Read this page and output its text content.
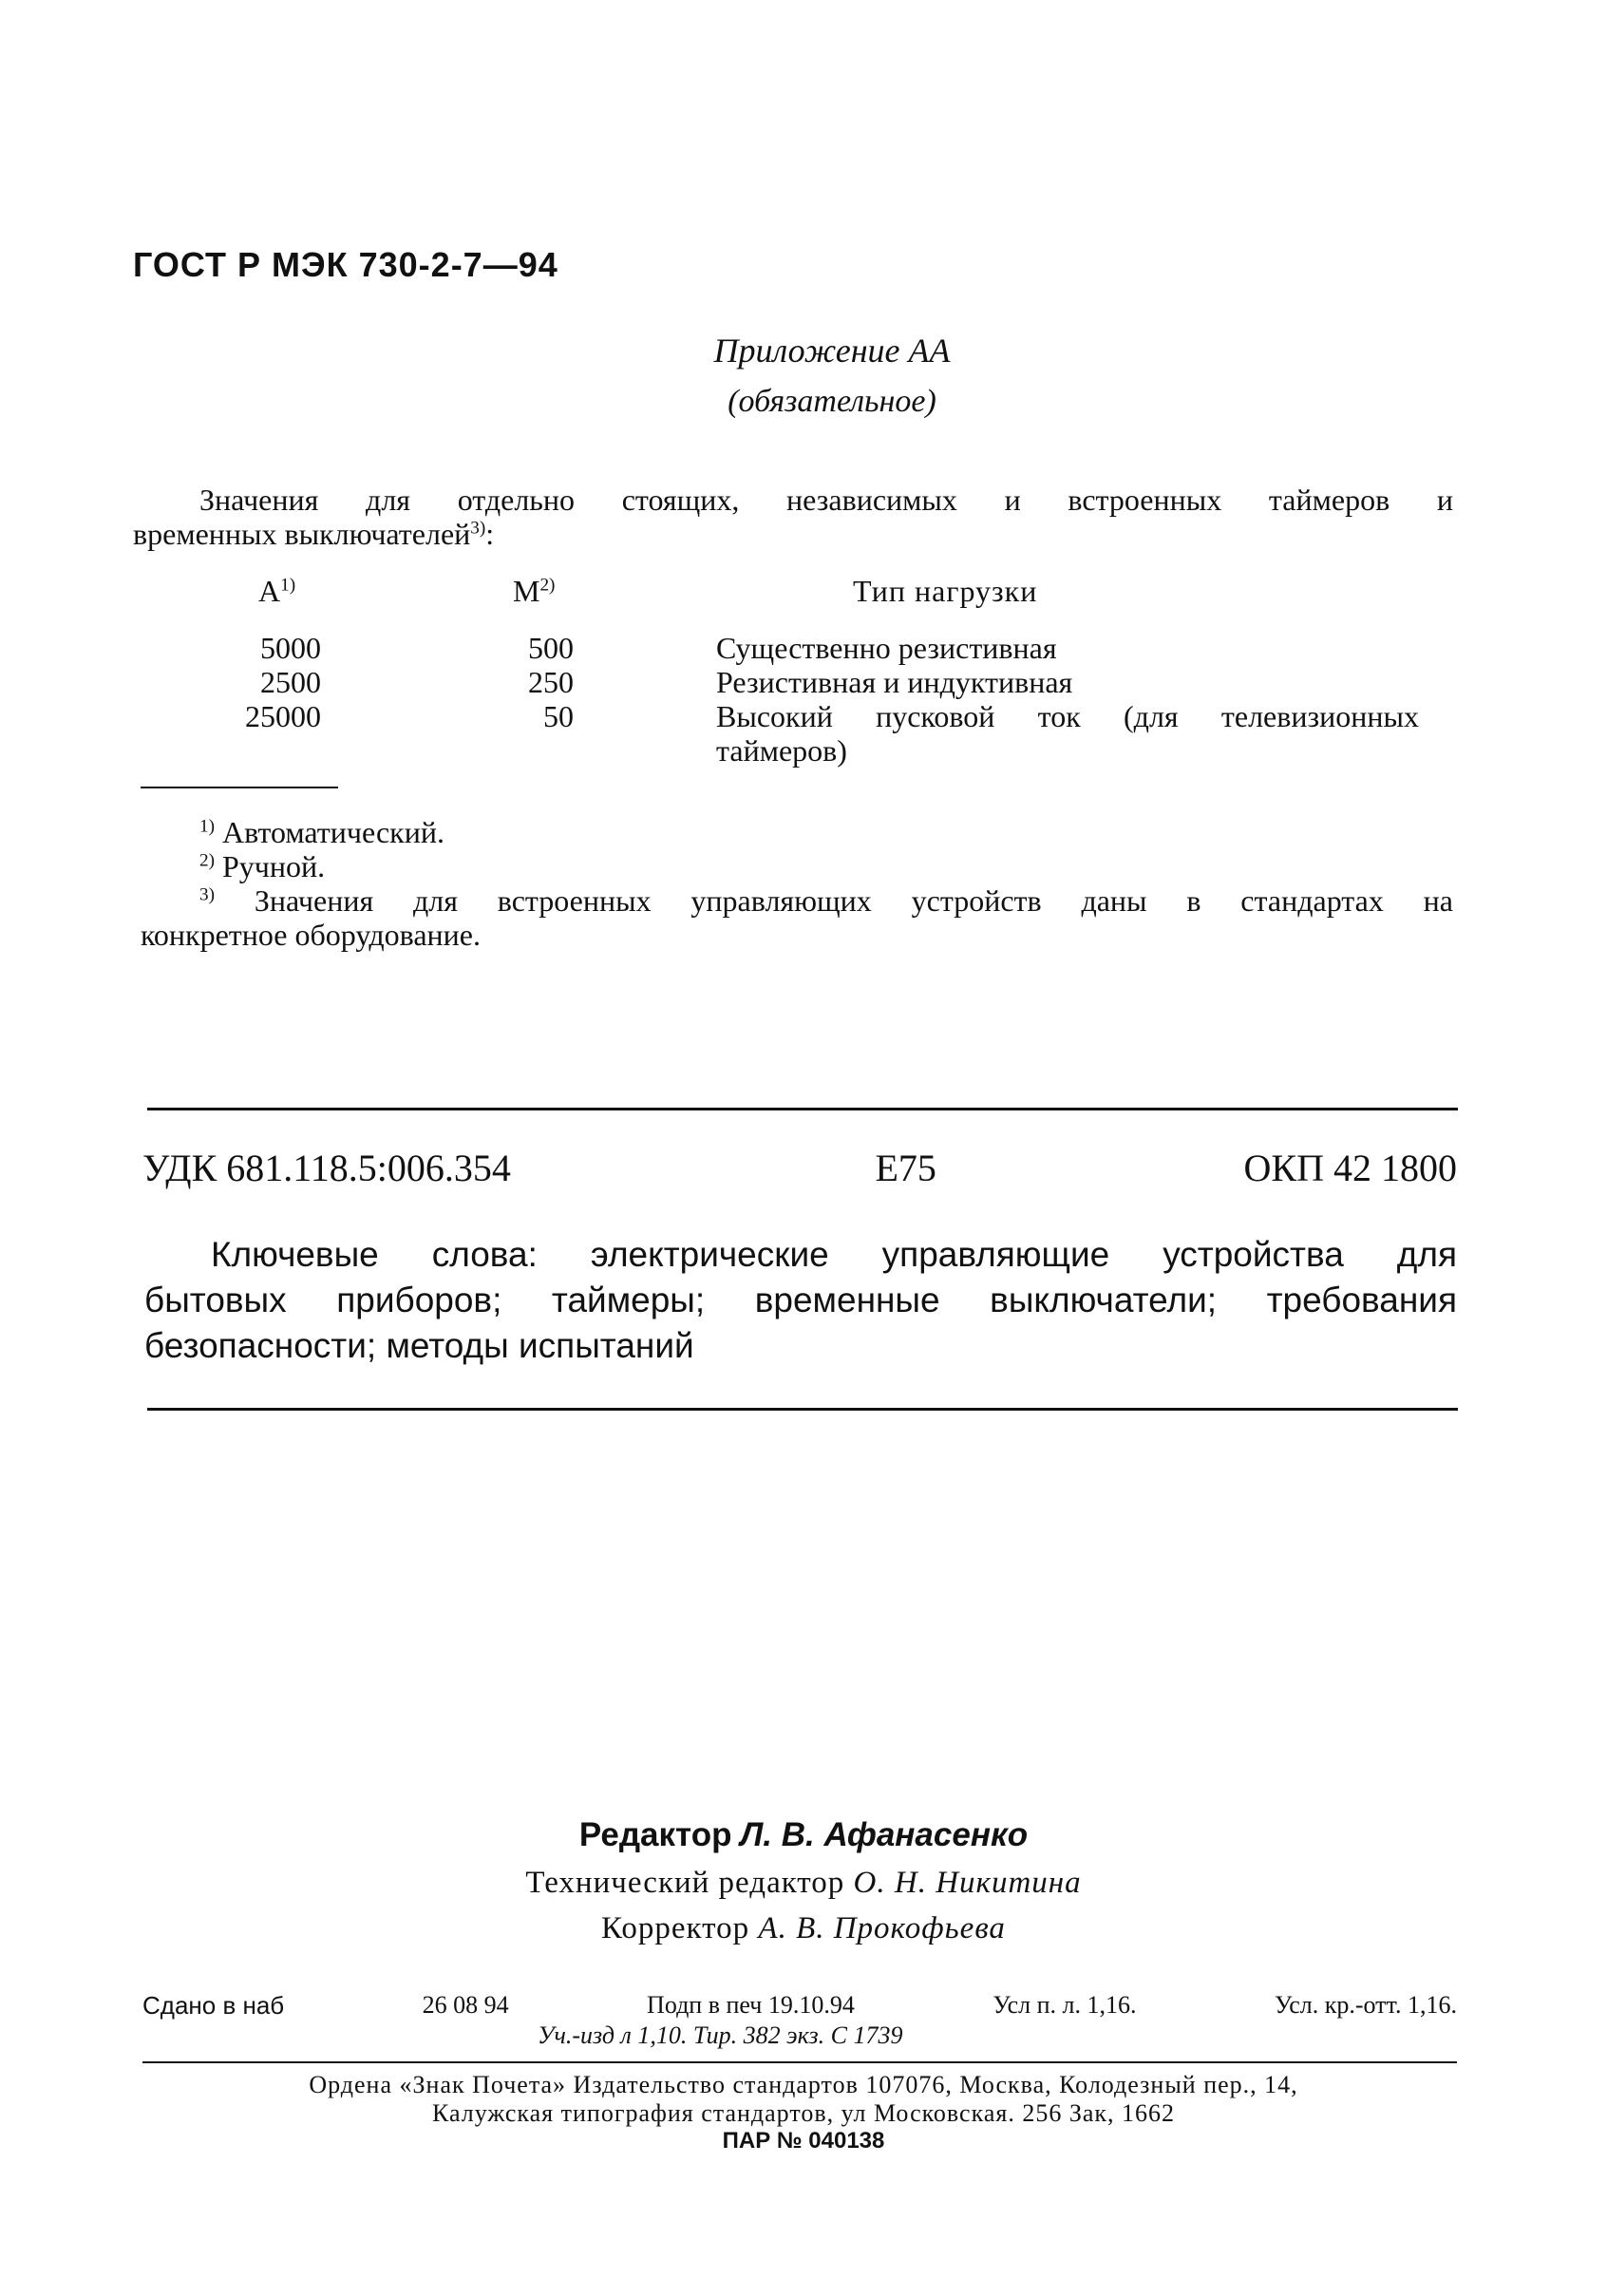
ГОСТ Р МЭК 730-2-7—94
Приложение АА
(обязательное)
Значения для отдельно стоящих, независимых и встроенных таймеров и
временных выключателей$^{3)}$:
$А^{1)}$	$М^{2)}$	Тип нагрузки
5000	500	Существенно резистивная
2500	250	Резистивная и индуктивная
25000	50	Высокий пусковой ток (для телевизионных
таймеров)
$^{1)}$ Автоматический.
$^{2)}$ Ручной.
$^{3)}$ Значения для встроенных управляющих устройств даны в стандартах на
конкретное оборудование.
УДК 681.118.5:006.354	Е75	ОКП 42 1800
Ключевые слова: электрические управляющие устройства для
бытовых приборов; таймеры; временные выключатели; требования
безопасности; методы испытаний
Редактор Л. В. Афанасенко
Технический редактор О. Н. Никитина
Корректор А. В. Прокофьева
Сдано в наб	26 08 94	Подп в печ 19.10.94	Усл п. л. 1,16.	Усл. кр.-отт. 1,16.
Уч.-изд л 1,10. Тир. 382 экз. С 1739
Ордена «Знак Почета» Издательство стандартов 107076, Москва, Колодезный пер., 14,
Калужская типография стандартов, ул Московская. 256 Зак, 1662
ПАР № 040138
